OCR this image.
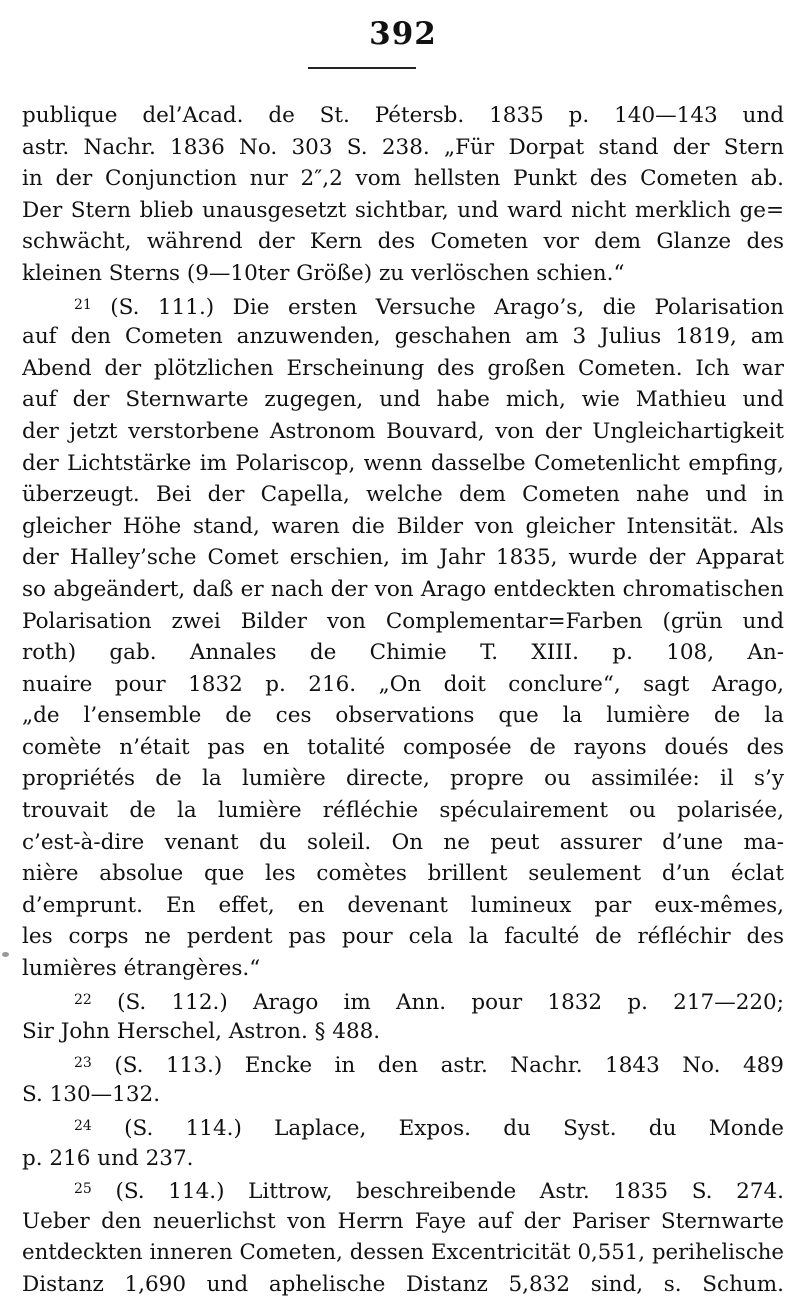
392
publique del’Acad. de St. Pétersb. 1835 p. 140—143 und
astr. Nachr. 1836 No. 303 S. 238. „Für Dorpat stand der Stern
in der Conjunction nur 2″,2 vom hellsten Punkt des Cometen ab.
Der Stern blieb unausgesetzt sichtbar, und ward nicht merklich ge=
schwächt, während der Kern des Cometen vor dem Glanze des
kleinen Sterns (9—10ter Größe) zu verlöschen schien.“
$^{21}$ (S. 111.) Die ersten Versuche Arago’s, die Polarisation
auf den Cometen anzuwenden, geschahen am 3 Julius 1819, am
Abend der plötzlichen Erscheinung des großen Cometen. Ich war
auf der Sternwarte zugegen, und habe mich, wie Mathieu und
der jetzt verstorbene Astronom Bouvard, von der Ungleichartigkeit
der Lichtstärke im Polariscop, wenn dasselbe Cometenlicht empfing,
überzeugt. Bei der Capella, welche dem Cometen nahe und in
gleicher Höhe stand, waren die Bilder von gleicher Intensität. Als
der Halley’sche Comet erschien, im Jahr 1835, wurde der Apparat
so abgeändert, daß er nach der von Arago entdeckten chromatischen
Polarisation zwei Bilder von Complementar=Farben (grün und
roth) gab. Annales de Chimie T. XIII. p. 108, An-
nuaire pour 1832 p. 216. „On doit conclure“, sagt Arago,
„de l’ensemble de ces observations que la lumière de la
comète n’était pas en totalité composée de rayons doués des
propriétés de la lumière directe, propre ou assimilée: il s’y
trouvait de la lumière réfléchie spéculairement ou polarisée,
c’est-à-dire venant du soleil. On ne peut assurer d’une ma-
nière absolue que les comètes brillent seulement d’un éclat
d’emprunt. En effet, en devenant lumineux par eux-mêmes,
les corps ne perdent pas pour cela la faculté de réfléchir des
lumières étrangères.“
$^{22}$ (S. 112.) Arago im Ann. pour 1832 p. 217—220;
Sir John Herschel, Astron. § 488.
$^{23}$ (S. 113.) Encke in den astr. Nachr. 1843 No. 489
S. 130—132.
$^{24}$ (S. 114.) Laplace, Expos. du Syst. du Monde
p. 216 und 237.
$^{25}$ (S. 114.) Littrow, beschreibende Astr. 1835 S. 274.
Ueber den neuerlichst von Herrn Faye auf der Pariser Sternwarte
entdeckten inneren Cometen, dessen Excentricität 0,551, perihelische
Distanz 1,690 und aphelische Distanz 5,832 sind, s. Schum.
